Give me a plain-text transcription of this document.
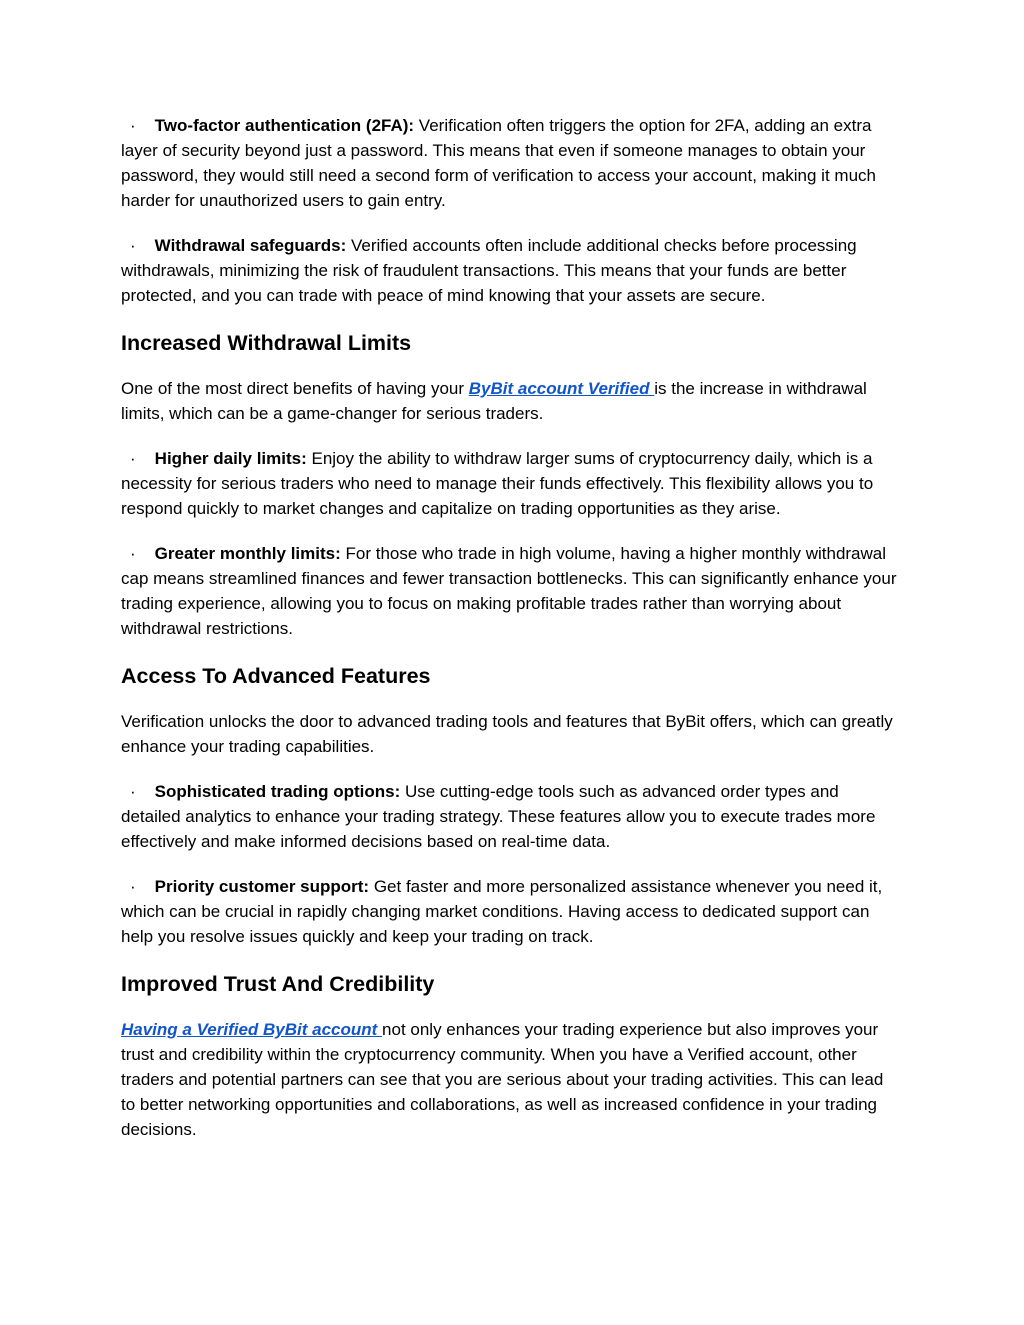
· Two-factor authentication (2FA): Verification often triggers the option for 2FA, adding an extra layer of security beyond just a password. This means that even if someone manages to obtain your password, they would still need a second form of verification to access your account, making it much harder for unauthorized users to gain entry.

· Withdrawal safeguards: Verified accounts often include additional checks before processing withdrawals, minimizing the risk of fraudulent transactions. This means that your funds are better protected, and you can trade with peace of mind knowing that your assets are secure.

Increased Withdrawal Limits

One of the most direct benefits of having your ByBit account Verified is the increase in withdrawal limits, which can be a game-changer for serious traders.

· Higher daily limits: Enjoy the ability to withdraw larger sums of cryptocurrency daily, which is a necessity for serious traders who need to manage their funds effectively. This flexibility allows you to respond quickly to market changes and capitalize on trading opportunities as they arise.

· Greater monthly limits: For those who trade in high volume, having a higher monthly withdrawal cap means streamlined finances and fewer transaction bottlenecks. This can significantly enhance your trading experience, allowing you to focus on making profitable trades rather than worrying about withdrawal restrictions.

Access To Advanced Features

Verification unlocks the door to advanced trading tools and features that ByBit offers, which can greatly enhance your trading capabilities.

· Sophisticated trading options: Use cutting-edge tools such as advanced order types and detailed analytics to enhance your trading strategy. These features allow you to execute trades more effectively and make informed decisions based on real-time data.

· Priority customer support: Get faster and more personalized assistance whenever you need it, which can be crucial in rapidly changing market conditions. Having access to dedicated support can help you resolve issues quickly and keep your trading on track.

Improved Trust And Credibility

Having a Verified ByBit account not only enhances your trading experience but also improves your trust and credibility within the cryptocurrency community. When you have a Verified account, other traders and potential partners can see that you are serious about your trading activities. This can lead to better networking opportunities and collaborations, as well as increased confidence in your trading decisions.
